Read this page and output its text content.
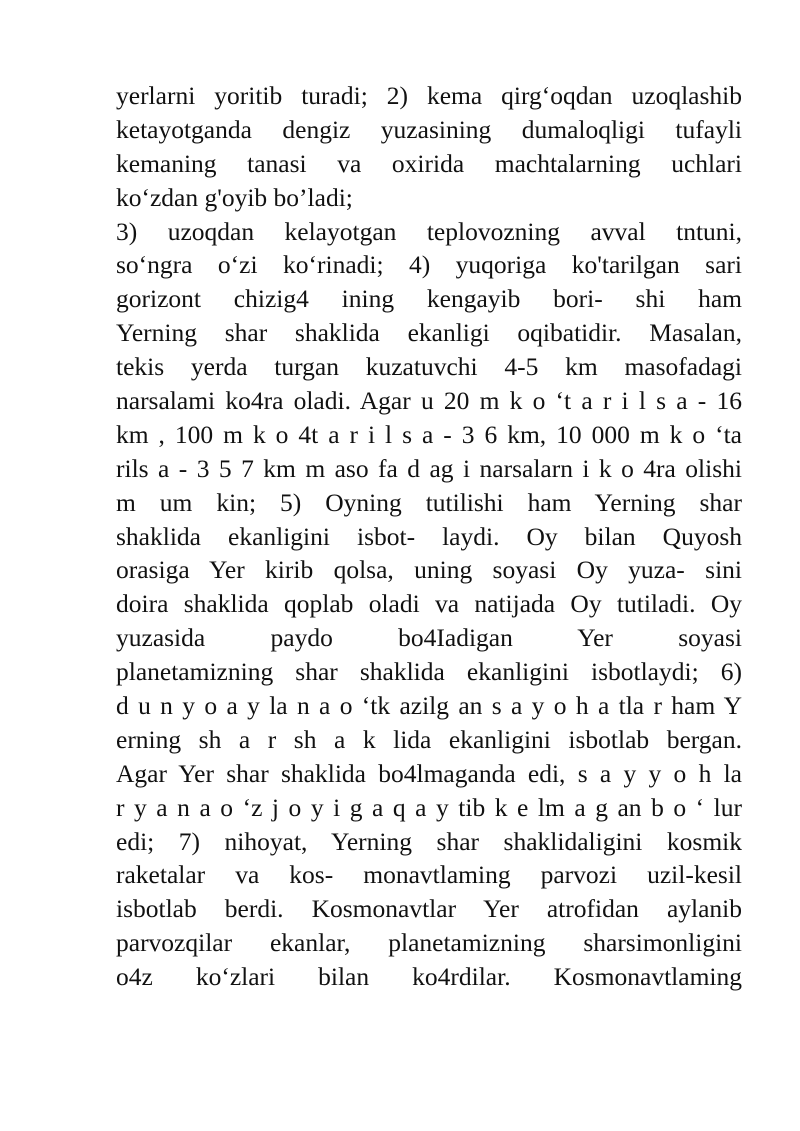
yerlarni yoritib turadi; 2) kema qirg‘oqdan uzoqlashib
ketayotganda dengiz yuzasining dumaloqligi tufayli
kemaning tanasi va oxirida machtalarning uchlari
ko‘zdan g'oyib bo’ladi;
3) uzoqdan kelayotgan teplovozning avval tntuni,
so‘ngra o‘zi ko‘rinadi; 4) yuqoriga ko'tarilgan sari
gorizont chizig4 ining kengayib bori- shi ham
Yerning shar shaklida ekanligi oqibatidir. Masalan,
tekis yerda turgan kuzatuvchi 4-5 km masofadagi
narsalami ko4ra oladi. Agar u 20 m k o ‘t a r i l s a - 16
km , 100 m k o 4t a r i l s a - 3 6 km, 10 000 m k o ‘ta
rils a - 3 5 7 km m aso fa d ag i narsalarn i k o 4ra olishi
m um kin; 5) Oyning tutilishi ham Yerning shar
shaklida ekanligini isbot- laydi. Oy bilan Quyosh
orasiga Yer kirib qolsa, uning soyasi Oy yuza- sini
doira shaklida qoplab oladi va natijada Oy tutiladi. Oy
yuzasida paydo bo4Iadigan Yer soyasi
planetamizning shar shaklida ekanligini isbotlaydi; 6)
d u n y o a y la n a o ‘tk azilg an s a y o h a tla r ham Y
erning sh a r sh a k lida ekanligini isbotlab bergan.
Agar Yer shar shaklida bo4lmaganda edi, s a y y o h la
r y a n a o ‘z j o y i g a q a y tib k e lm a g an b o ‘ lur
edi; 7) nihoyat, Yerning shar shaklidaligini kosmik
raketalar va kos- monavtlaming parvozi uzil-kesil
isbotlab berdi. Kosmonavtlar Yer atrofidan aylanib
parvozqilar ekanlar, planetamizning sharsimonligini
o4z ko‘zlari bilan ko4rdilar. Kosmonavtlaming
